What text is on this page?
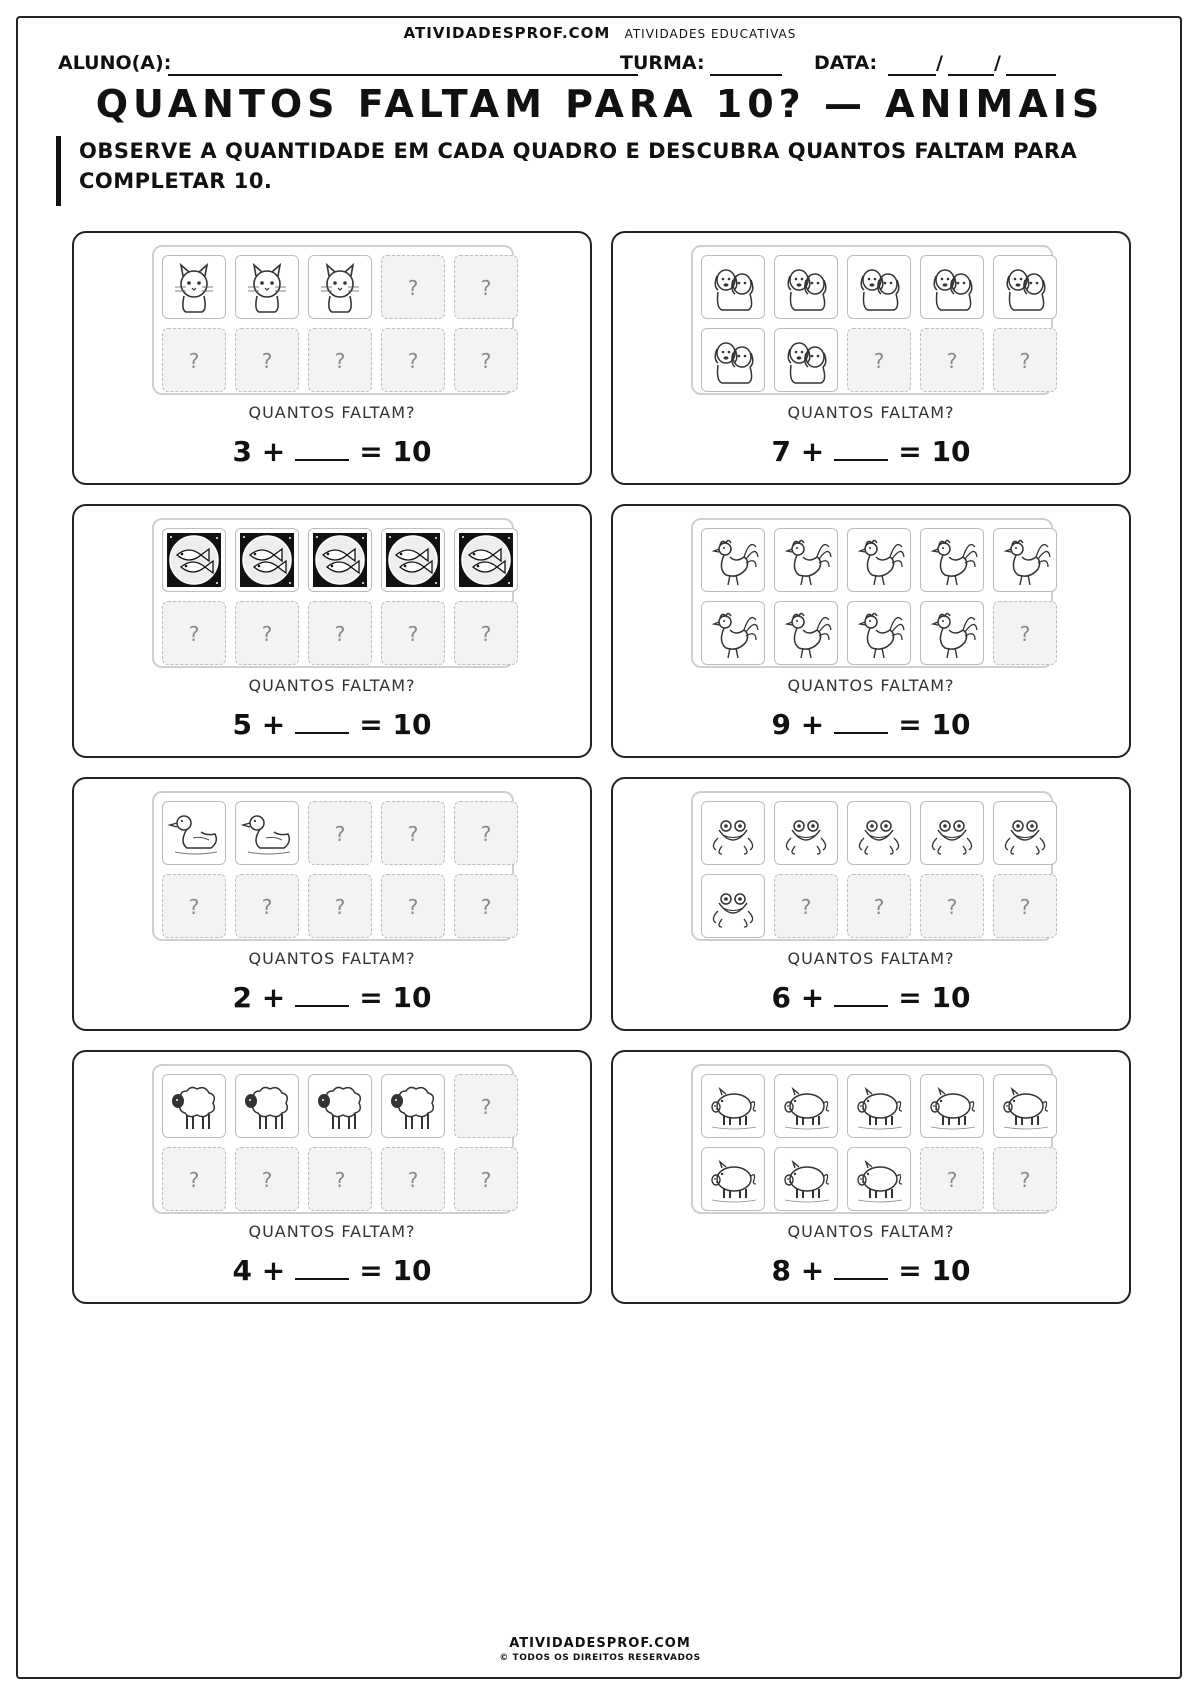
ATIVIDADESPROF.COM ATIVIDADES EDUCATIVAS
ALUNO(A):	TURMA:	DATA:	/	/
QUANTOS FALTAM PARA 10? — ANIMAIS
OBSERVE A QUANTIDADE EM CADA QUADRO E DESCUBRA QUANTOS FALTAM PARA COMPLETAR 10.
?	?
?	?	?	?	?
QUANTOS FALTAM?
3 +	= 10
?	?	?
QUANTOS FALTAM?
7 +	= 10
?	?	?	?	?
QUANTOS FALTAM?
5 +	= 10
?
QUANTOS FALTAM?
9 +	= 10
?	?	?
?	?	?	?	?
QUANTOS FALTAM?
2 +	= 10
?	?	?	?
QUANTOS FALTAM?
6 +	= 10
?
?	?	?	?	?
QUANTOS FALTAM?
4 +	= 10
?	?
QUANTOS FALTAM?
8 +	= 10
ATIVIDADESPROF.COM
© TODOS OS DIREITOS RESERVADOS
